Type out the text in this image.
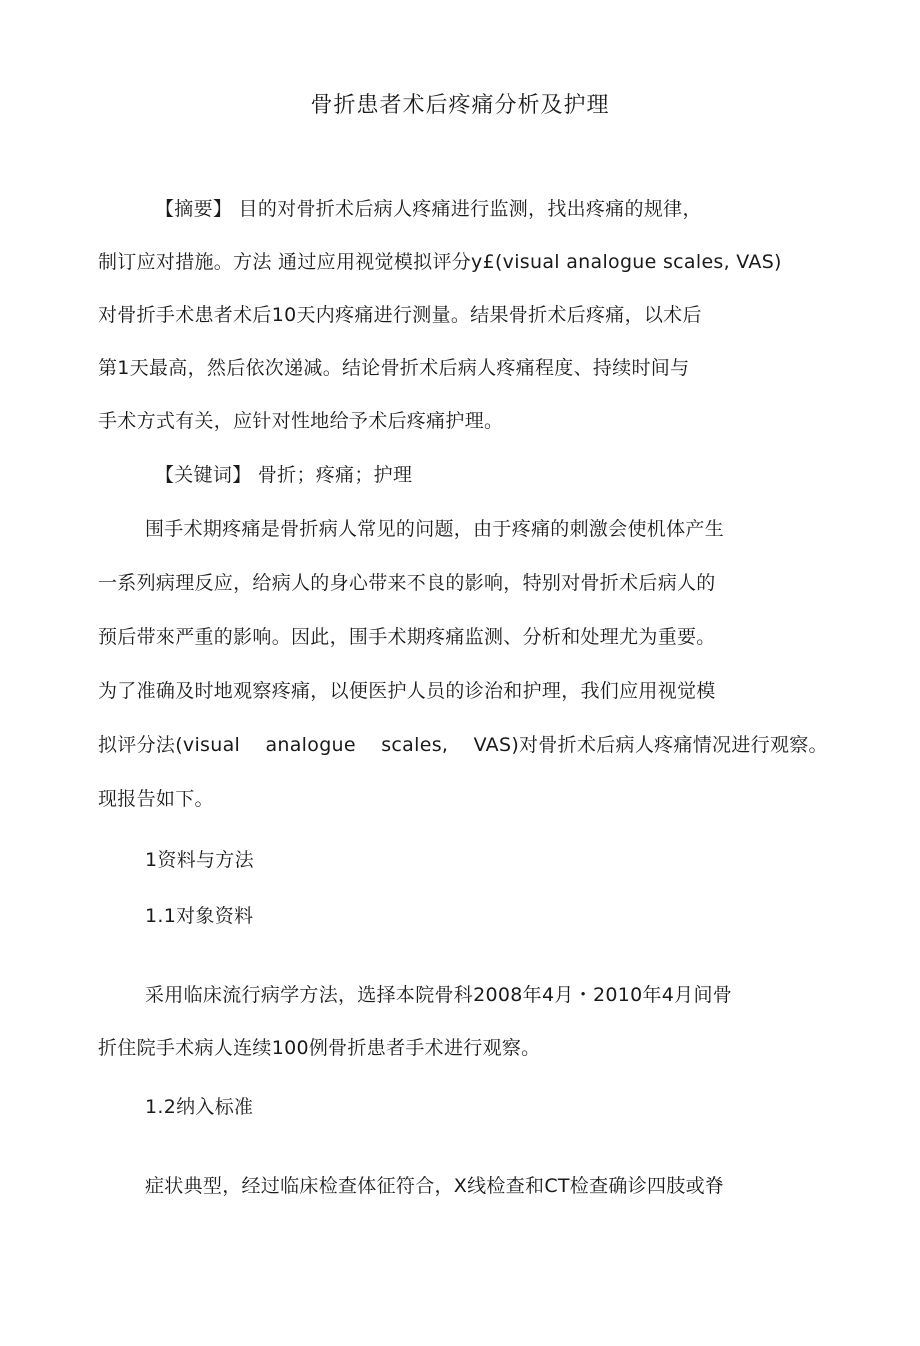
骨折患者术后疼痛分析及护理
【摘要】 目的对骨折术后病人疼痛进行监测，找出疼痛的规律，
制订应对措施。方法 通过应用视觉模拟评分y£(visual analogue scales, VAS)
对骨折手术患者术后10天内疼痛进行测量。结果骨折术后疼痛，以术后
第1天最高，然后依次递减。结论骨折术后病人疼痛程度、持续时间与
手术方式有关，应针对性地给予术后疼痛护理。
【关键词】 骨折；疼痛；护理
围手术期疼痛是骨折病人常见的问题，由于疼痛的刺激会使机体产生
一系列病理反应，给病人的身心带来不良的影响，特别对骨折术后病人的
预后带來严重的影响。因此，围手术期疼痛监测、分析和处理尤为重要。
为了准确及时地观察疼痛，以便医护人员的诊治和护理，我们应用视觉模
拟评分法(visual    analogue    scales,    VAS)对骨折术后病人疼痛情况进行观察。
现报告如下。
1资料与方法
1.1对象资料
采用临床流行病学方法，选择本院骨科2008年4月・2010年4月间骨
折住院手术病人连续100例骨折患者手术进行观察。
1.2纳入标准
症状典型，经过临床检查体征符合，X线检查和CT检查确诊四肢或脊
